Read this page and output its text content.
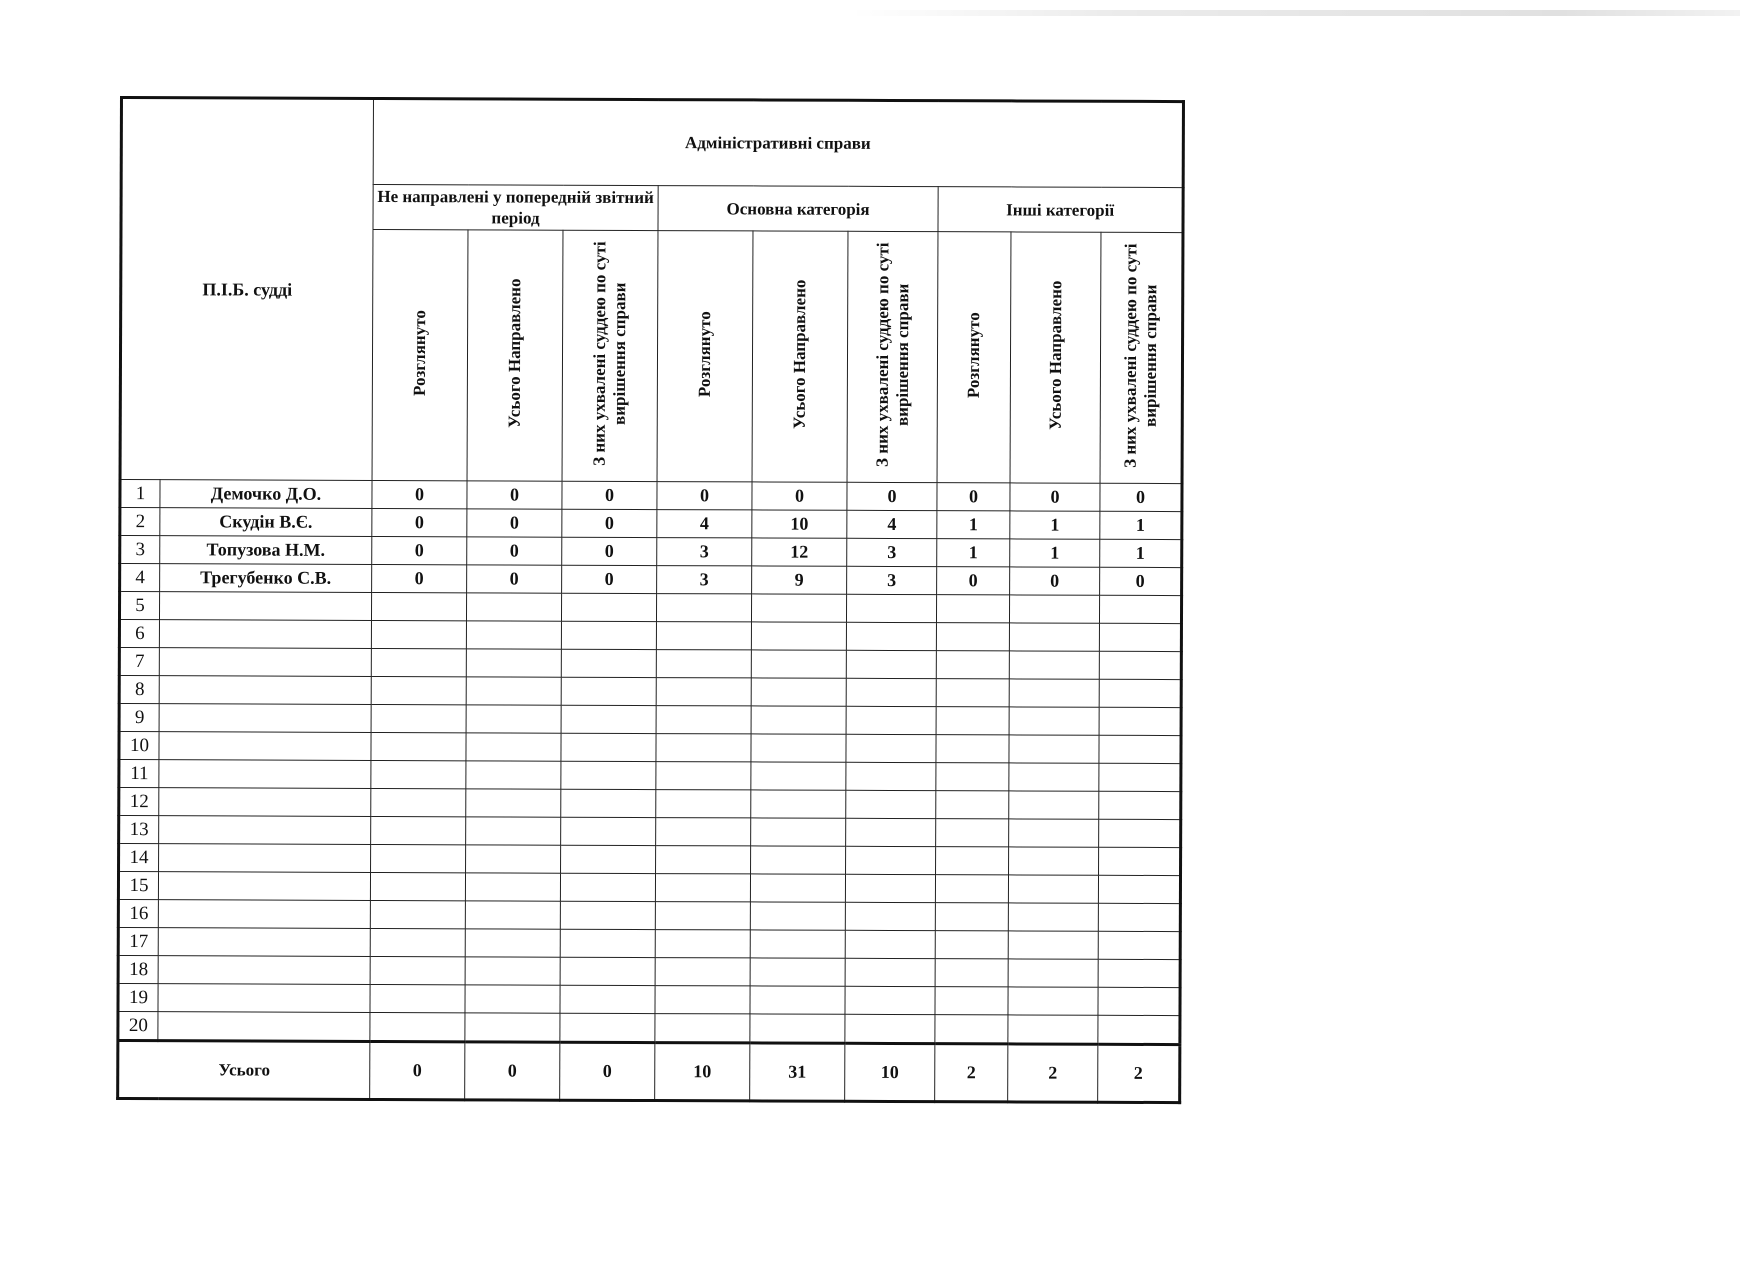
П.І.Б. судді		Адміністративні справи								
		Не направлені у попередній звітний період			Основна категорія			Інші категорії		
		Розглянуто	Усього Направлено	З них ухвалені суддею по суті вирішення справи	Розглянуто	Усього Направлено	З них ухвалені суддею по суті вирішення справи	Розглянуто	Усього Направлено	З них ухвалені суддею по суті вирішення справи
1	Демочко Д.О.	0	0	0	0	0	0	0	0	0
2	Скудін В.Є.	0	0	0	4	10	4	1	1	1
3	Топузова Н.М.	0	0	0	3	12	3	1	1	1
4	Трегубенко С.В.	0	0	0	3	9	3	0	0	0
5										
6										
7										
8										
9										
10										
11										
12										
13										
14										
15										
16										
17										
18										
19										
20										
Усього		0	0	0	10	31	10	2	2	2
